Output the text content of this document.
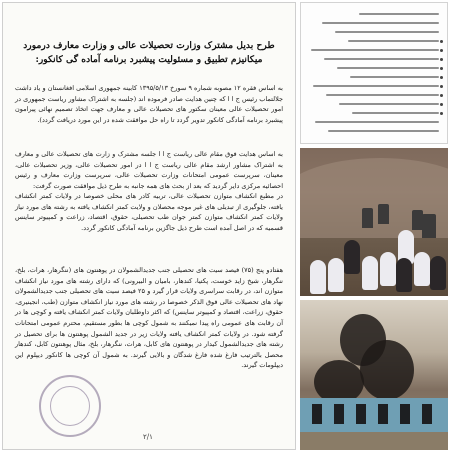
طرح بدیل مشترک وزارت تحصیلات عالی و وزارت معارف درمورد میکانیزم تطبیق و مسئولیت پیشبرد برنامه آماده گی کانکور:
به اساس فقره ۱۲ مصوبه شماره ۹ سورخ ۱۳۹۵/۵/۱۳ کابینه جمهوری اسلامی افغانستان و یاد داشت جلالتماب رئیس ج ا ا که چنین هدایت صادر فرموده اند (جلسه به اشتراک مشاور ریاست جمهوری در امور تحصیلات عالی معینان سکتور های تحصیلات عالی و معارف جهت اتخاذ تصمیم نهائی پیرامون پیشبرد برنامه آمادگی کانکور تدویر گردد تا راه حل موافقت شده در این مورد دریافت گردد).
به اساس هدایت فوق مقام عالی ریاست ج ا ا جلسه مشترک و زارت های تحصیلات عالی و معارف به اشتراک مشاور ارشد مقام عالی ریاست ج ا ا در امور تحصیلات عالی، وزیر تحصیلات عالی، معینان، سرپرست عمومی امتحانات وزارت تحصیلات عالی، سرپرست وزارت معارف و رئیس احصائیه مرکزی دایر گردید که بعد از بحث های همه جانبه به طرح ذیل موافقت صورت گرفت:
در مطبع انکشاف متوازن تحصیلات عالی، تربیه کادر های محلی خصوصا در ولایات کمتر انکشاف یافته، جلوگیری از تبدیلی های غیر موجه محصلان و ولایت کمتر انکشاف یافته به رشته های مورد نیاز ولایات کمتر انکشاف متوازن کمتر جوان طب تحصیلی، حقوق، اقتصاد، زراعت و کمپیوتر ساینس قسمیه که در اصل آمده است طرح ذیل جاگزین برنامه آمادگی کانکور گردد.
هفتادو پنج (۷۵) فیصد سیت های تحصیلی جنب جدیدالشمولان در پوهنتون های (ننگرهار، هرات، بلخ، ننگرهار، شیخ زاید خوست، پکتیا، کندهار، بامیان و البیرونی) که دارای رشته های مورد نیاز انکشاف متوازن اند، در رقابت سراسری ولایات قرار گیرد و ۲۵ فیصد سیت های تحصیلی جنب جدیدالشمولان نهاد های تحصیلات عالی فوق الذکر خصوصا در رشته های مورد نیاز انکشاف متوازن (طب، انجینیری، حقوق، زراعت، اقتصاد و کمپیوتر ساینس) که اکثر داوطلبان ولایات کمتر انکشاف یافته و کوچی ها در آن رقابت های عمومی راه پیدا نمیکنند به شمول کوچی ها بطور مستقیم، محترم عمومی امتحانات گرفته شود. در ولایات کمتر انکشاف یافته ولایات زیر در جدید الشمول پوهنتون ها برای تحصیل در رشته های جدیدالشمول کیدار در پوهنتون های کابل، هرات، ننگرهار، بلخ، مثال پوهنتون کابل، کندهار محصل بالترتیب فارغ شده فارغ شدگان و بالایی گیرند. به شمول آن کوچی ها کانکور دیپلوم این دیپلومات گیرند.
۲/۱
